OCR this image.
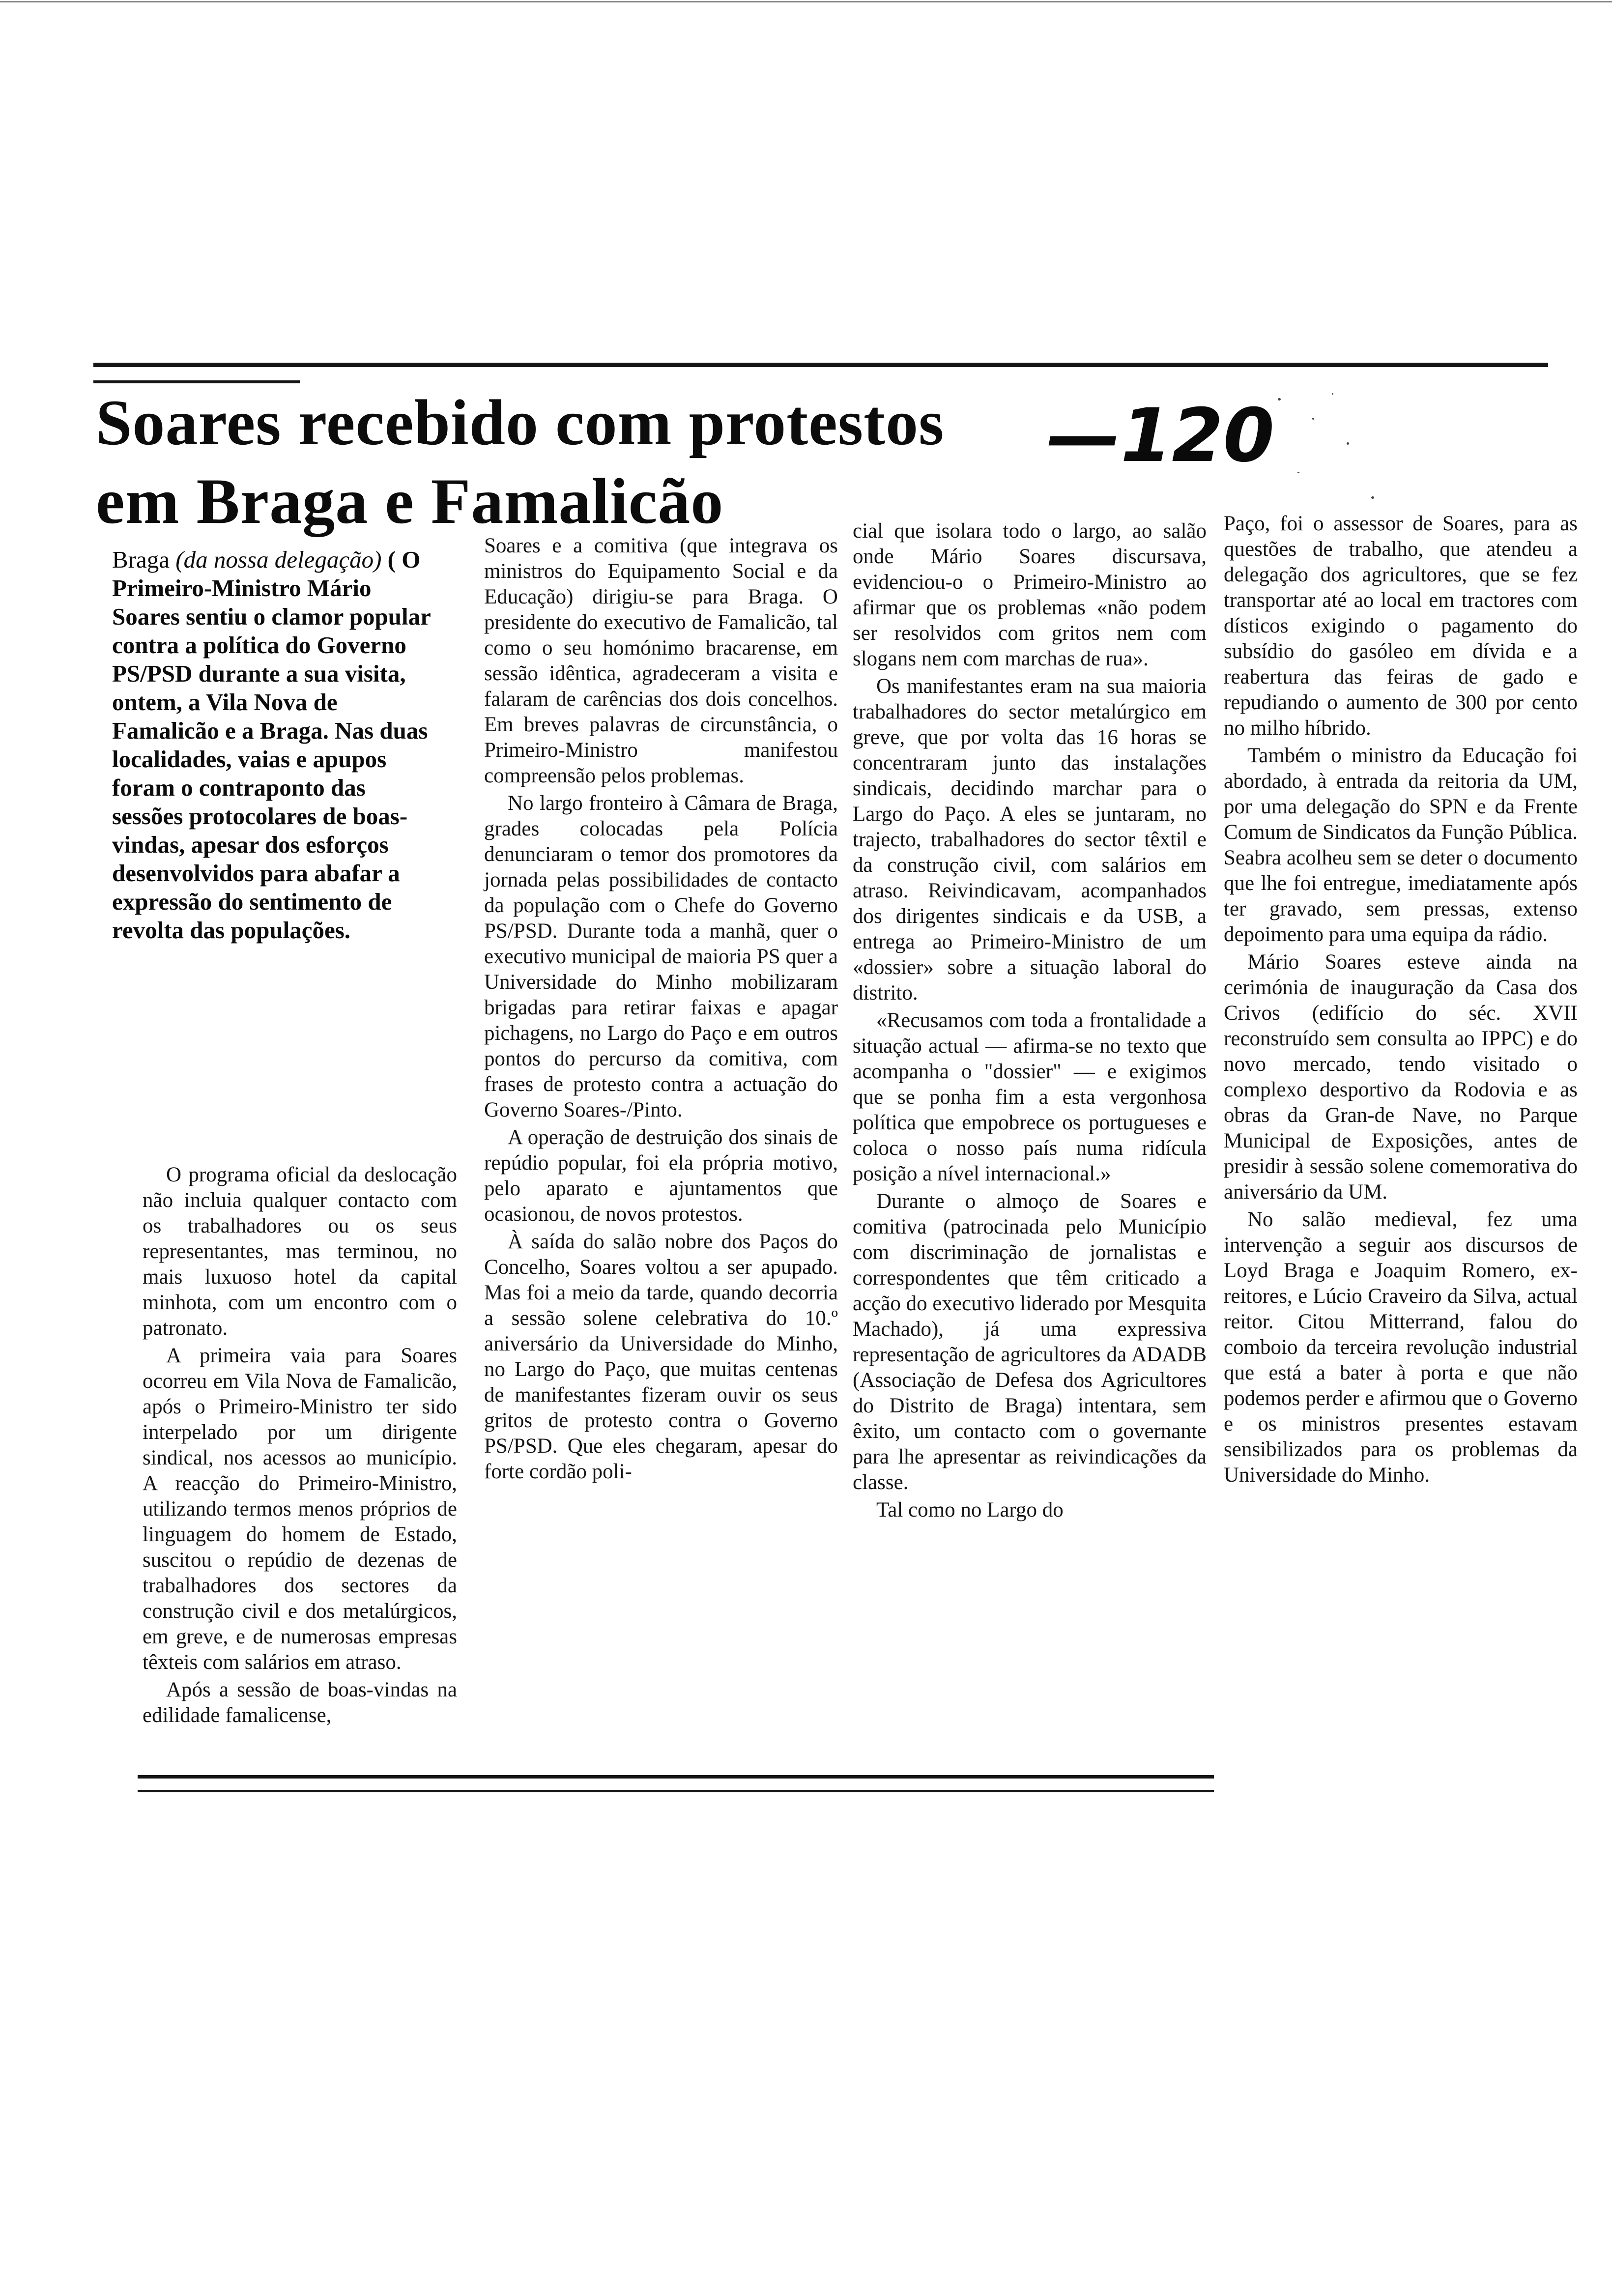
Soares recebido com protestos
em Braga e Famalicão
—120
Braga (da nossa delegação) ( O Primeiro-Ministro Mário Soares sentiu o clamor popular contra a política do Governo PS/PSD durante a sua visita, ontem, a Vila Nova de Famalicão e a Braga. Nas duas localidades, vaias e apupos foram o contraponto das sessões protocolares de boas-vindas, apesar dos esforços desenvolvidos para abafar a expressão do sentimento de revolta das populações.

O programa oficial da deslocação não incluia qualquer contacto com os trabalhadores ou os seus representantes, mas terminou, no mais luxuoso hotel da capital minhota, com um encontro com o patronato.

A primeira vaia para Soares ocorreu em Vila Nova de Famalicão, após o Primeiro-Ministro ter sido interpelado por um dirigente sindical, nos acessos ao município. A reacção do Primeiro-Ministro, utilizando termos menos próprios de linguagem do homem de Estado, suscitou o repúdio de dezenas de trabalhadores dos sectores da construção civil e dos metalúrgicos, em greve, e de numerosas empresas têxteis com salários em atraso.

Após a sessão de boas-vindas na edilidade famalicense,

Soares e a comitiva (que integrava os ministros do Equipamento Social e da Educação) dirigiu-se para Braga. O presidente do executivo de Famalicão, tal como o seu homónimo bracarense, em sessão idêntica, agradeceram a visita e falaram de carências dos dois concelhos. Em breves palavras de circunstância, o Primeiro-Ministro manifestou compreensão pelos problemas.

No largo fronteiro à Câmara de Braga, grades colocadas pela Polícia denunciaram o temor dos promotores da jornada pelas possibilidades de contacto da população com o Chefe do Governo PS/PSD. Durante toda a manhã, quer o executivo municipal de maioria PS quer a Universidade do Minho mobilizaram brigadas para retirar faixas e apagar pichagens, no Largo do Paço e em outros pontos do percurso da comitiva, com frases de protesto contra a actuação do Governo Soares-/Pinto.

A operação de destruição dos sinais de repúdio popular, foi ela própria motivo, pelo aparato e ajuntamentos que ocasionou, de novos protestos.

À saída do salão nobre dos Paços do Concelho, Soares voltou a ser apupado. Mas foi a meio da tarde, quando decorria a sessão solene celebrativa do 10.º aniversário da Universidade do Minho, no Largo do Paço, que muitas centenas de manifestantes fizeram ouvir os seus gritos de protesto contra o Governo PS/PSD. Que eles chegaram, apesar do forte cordão poli-

cial que isolara todo o largo, ao salão onde Mário Soares discursava, evidenciou-o o Primeiro-Ministro ao afirmar que os problemas «não podem ser resolvidos com gritos nem com slogans nem com marchas de rua».

Os manifestantes eram na sua maioria trabalhadores do sector metalúrgico em greve, que por volta das 16 horas se concentraram junto das instalações sindicais, decidindo marchar para o Largo do Paço. A eles se juntaram, no trajecto, trabalhadores do sector têxtil e da construção civil, com salários em atraso. Reivindicavam, acompanhados dos dirigentes sindicais e da USB, a entrega ao Primeiro-Ministro de um «dossier» sobre a situação laboral do distrito.

«Recusamos com toda a frontalidade a situação actual — afirma-se no texto que acompanha o "dossier" — e exigimos que se ponha fim a esta vergonhosa política que empobrece os portugueses e coloca o nosso país numa ridícula posição a nível internacional.»

Durante o almoço de Soares e comitiva (patrocinada pelo Município com discriminação de jornalistas e correspondentes que têm criticado a acção do executivo liderado por Mesquita Machado), já uma expressiva representação de agricultores da ADADB (Associação de Defesa dos Agricultores do Distrito de Braga) intentara, sem êxito, um contacto com o governante para lhe apresentar as reivindicações da classe.

Tal como no Largo do

Paço, foi o assessor de Soares, para as questões de trabalho, que atendeu a delegação dos agricultores, que se fez transportar até ao local em tractores com dísticos exigindo o pagamento do subsídio do gasóleo em dívida e a reabertura das feiras de gado e repudiando o aumento de 300 por cento no milho híbrido.

Também o ministro da Educação foi abordado, à entrada da reitoria da UM, por uma delegação do SPN e da Frente Comum de Sindicatos da Função Pública. Seabra acolheu sem se deter o documento que lhe foi entregue, imediatamente após ter gravado, sem pressas, extenso depoimento para uma equipa da rádio.

Mário Soares esteve ainda na cerimónia de inauguração da Casa dos Crivos (edifício do séc. XVII reconstruído sem consulta ao IPPC) e do novo mercado, tendo visitado o complexo desportivo da Rodovia e as obras da Gran-de Nave, no Parque Municipal de Exposições, antes de presidir à sessão solene comemorativa do aniversário da UM.

No salão medieval, fez uma intervenção a seguir aos discursos de Loyd Braga e Joaquim Romero, ex-reitores, e Lúcio Craveiro da Silva, actual reitor. Citou Mitterrand, falou do comboio da terceira revolução industrial que está a bater à porta e que não podemos perder e afirmou que o Governo e os ministros presentes estavam sensibilizados para os problemas da Universidade do Minho.
